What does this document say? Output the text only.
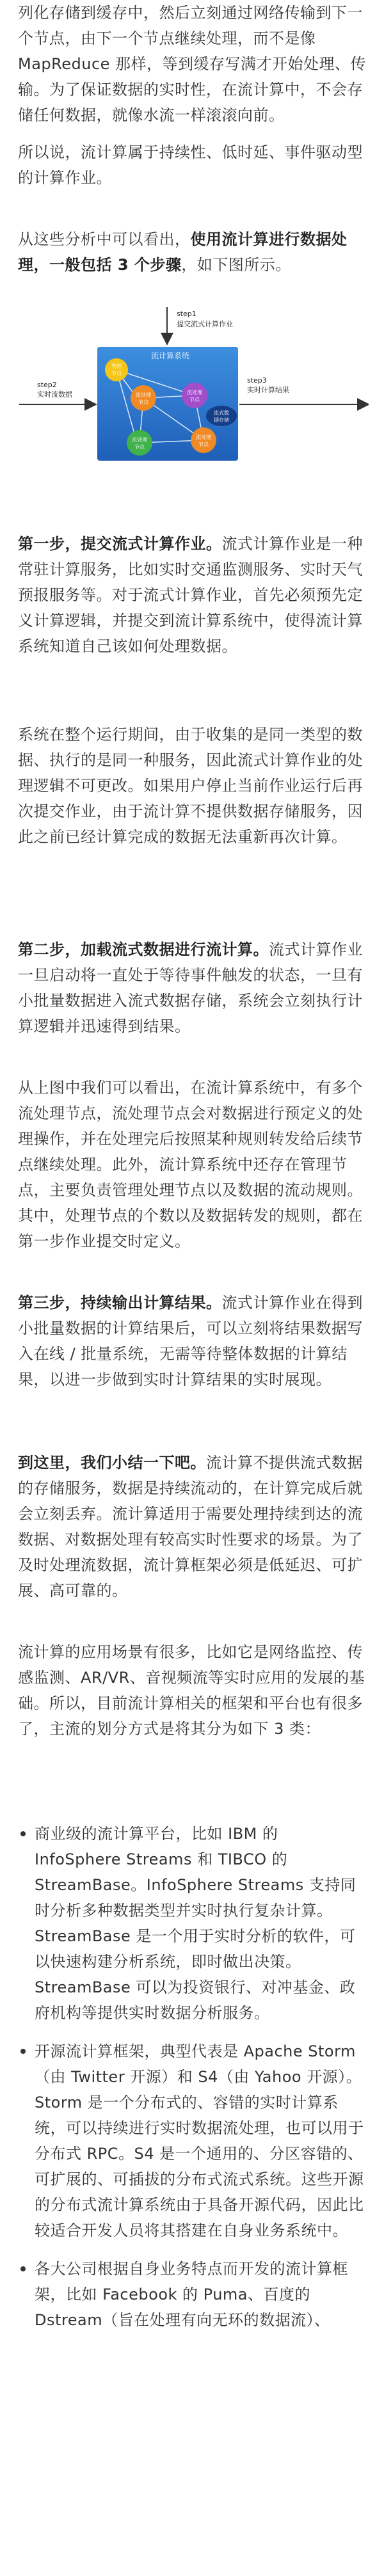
列化存储到缓存中，然后立刻通过网络传输到下一个节点，由下一个节点继续处理，而不是像 MapReduce 那样，等到缓存写满才开始处理、传输。为了保证数据的实时性，在流计算中，不会存储任何数据，就像水流一样滚滚向前。

所以说，流计算属于持续性、低时延、事件驱动型的计算作业。

从这些分析中可以看出，使用流计算进行数据处理，一般包括 3 个步骤，如下图所示。

第一步，提交流式计算作业。流式计算作业是一种常驻计算服务，比如实时交通监测服务、实时天气预报服务等。对于流式计算作业，首先必须预先定义计算逻辑，并提交到流计算系统中，使得流计算系统知道自己该如何处理数据。

系统在整个运行期间，由于收集的是同一类型的数据、执行的是同一种服务，因此流式计算作业的处理逻辑不可更改。如果用户停止当前作业运行后再次提交作业，由于流计算不提供数据存储服务，因此之前已经计算完成的数据无法重新再次计算。

第二步，加载流式数据进行流计算。流式计算作业一旦启动将一直处于等待事件触发的状态，一旦有小批量数据进入流式数据存储，系统会立刻执行计算逻辑并迅速得到结果。

从上图中我们可以看出，在流计算系统中，有多个流处理节点，流处理节点会对数据进行预定义的处理操作，并在处理完后按照某种规则转发给后续节点继续处理。此外，流计算系统中还存在管理节点，主要负责管理处理节点以及数据的流动规则。其中，处理节点的个数以及数据转发的规则，都在第一步作业提交时定义。

第三步，持续输出计算结果。流式计算作业在得到小批量数据的计算结果后，可以立刻将结果数据写入在线 / 批量系统，无需等待整体数据的计算结果，以进一步做到实时计算结果的实时展现。

到这里，我们小结一下吧。流计算不提供流式数据的存储服务，数据是持续流动的，在计算完成后就会立刻丢弃。流计算适用于需要处理持续到达的流数据、对数据处理有较高实时性要求的场景。为了及时处理流数据，流计算框架必须是低延迟、可扩展、高可靠的。

流计算的应用场景有很多，比如它是网络监控、传感监测、AR/VR、音视频流等实时应用的发展的基础。所以，目前流计算相关的框架和平台也有很多了，主流的划分方式是将其分为如下 3 类：

商业级的流计算平台，比如 IBM 的 InfoSphere Streams 和 TIBCO 的 StreamBase。InfoSphere Streams 支持同时分析多种数据类型并实时执行复杂计算。StreamBase 是一个用于实时分析的软件，可以快速构建分析系统，即时做出决策。StreamBase 可以为投资银行、对冲基金、政府机构等提供实时数据分析服务。
开源流计算框架，典型代表是 Apache Storm（由 Twitter 开源）和 S4（由 Yahoo 开源）。Storm 是一个分布式的、容错的实时计算系统，可以持续进行实时数据流处理，也可以用于分布式 RPC。S4 是一个通用的、分区容错的、可扩展的、可插拔的分布式流式系统。这些开源的分布式流计算系统由于具备开源代码，因此比较适合开发人员将其搭建在自身业务系统中。
各大公司根据自身业务特点而开发的流计算框架，比如 Facebook 的 Puma、百度的 Dstream（旨在处理有向无环的数据流）、
step1
提交流式计算作业
step2
实时流数据
step3
实时计算结果
流计算系统
管理
节点
流处理
节点
流处理
节点
流处理
节点
流处理
节点
流式数
据存储
